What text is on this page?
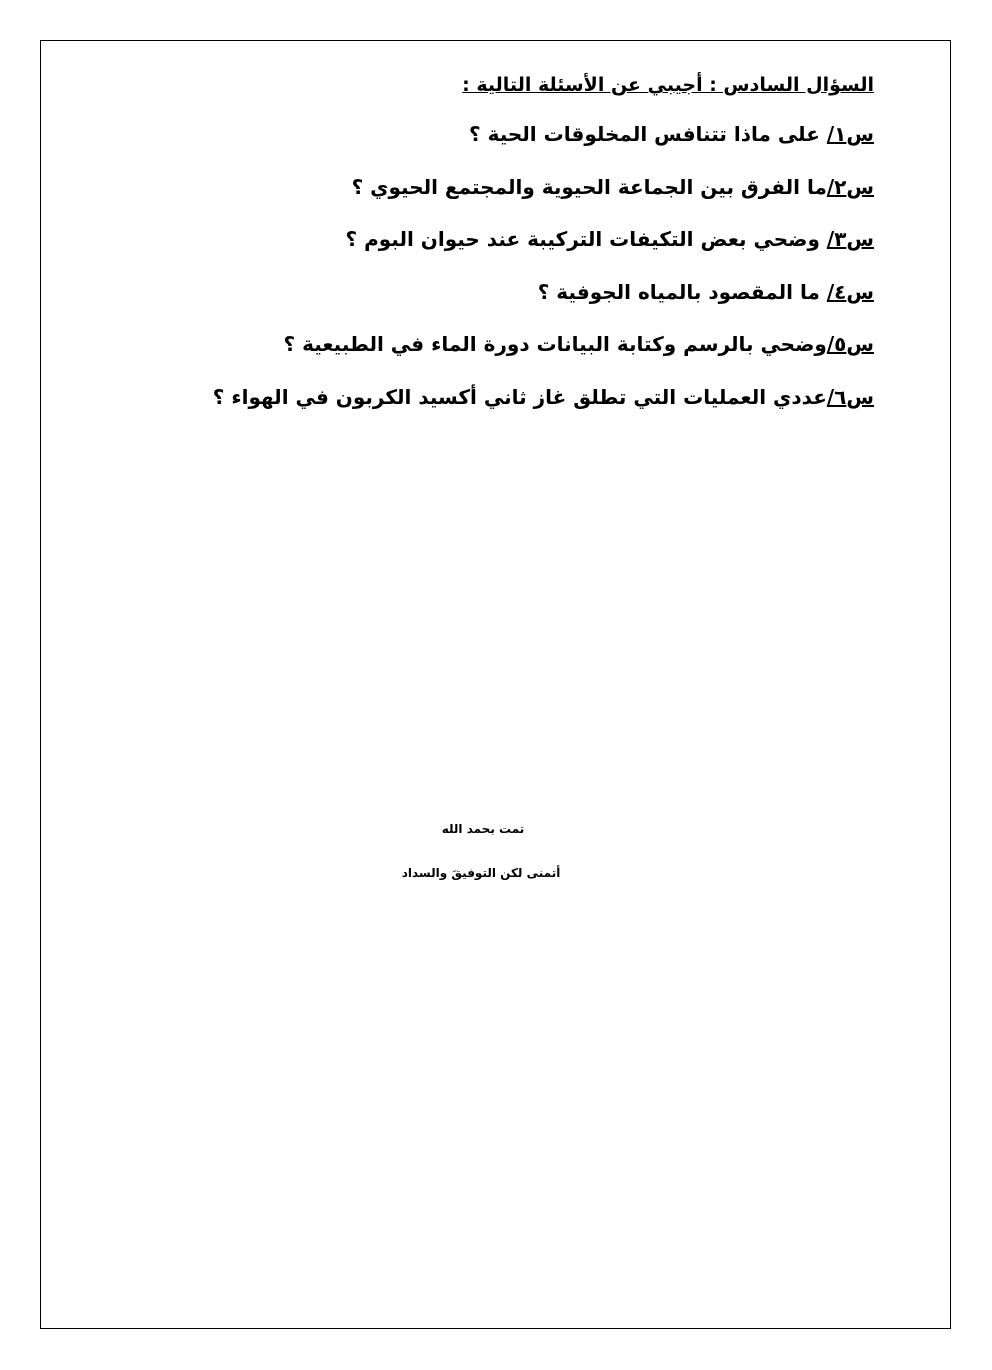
السؤال السادس : أجيبي عن الأسئلة التالية :
س١/ على ماذا تتنافس المخلوقات الحية ؟
س٢/ما الفرق بين الجماعة الحيوية والمجتمع الحيوي ؟
س٣/ وضحي بعض التكيفات التركيبة عند حيوان البوم ؟
س٤/ ما المقصود بالمياه الجوفية ؟
س٥/وضحي بالرسم وكتابة البيانات دورة الماء في الطبيعية ؟
س٦/عددي العمليات التي تطلق غاز ثاني أكسيد الكربون في الهواء ؟
تمت بحمد الله
أتمنى لكن التوفيقَ والسداد
